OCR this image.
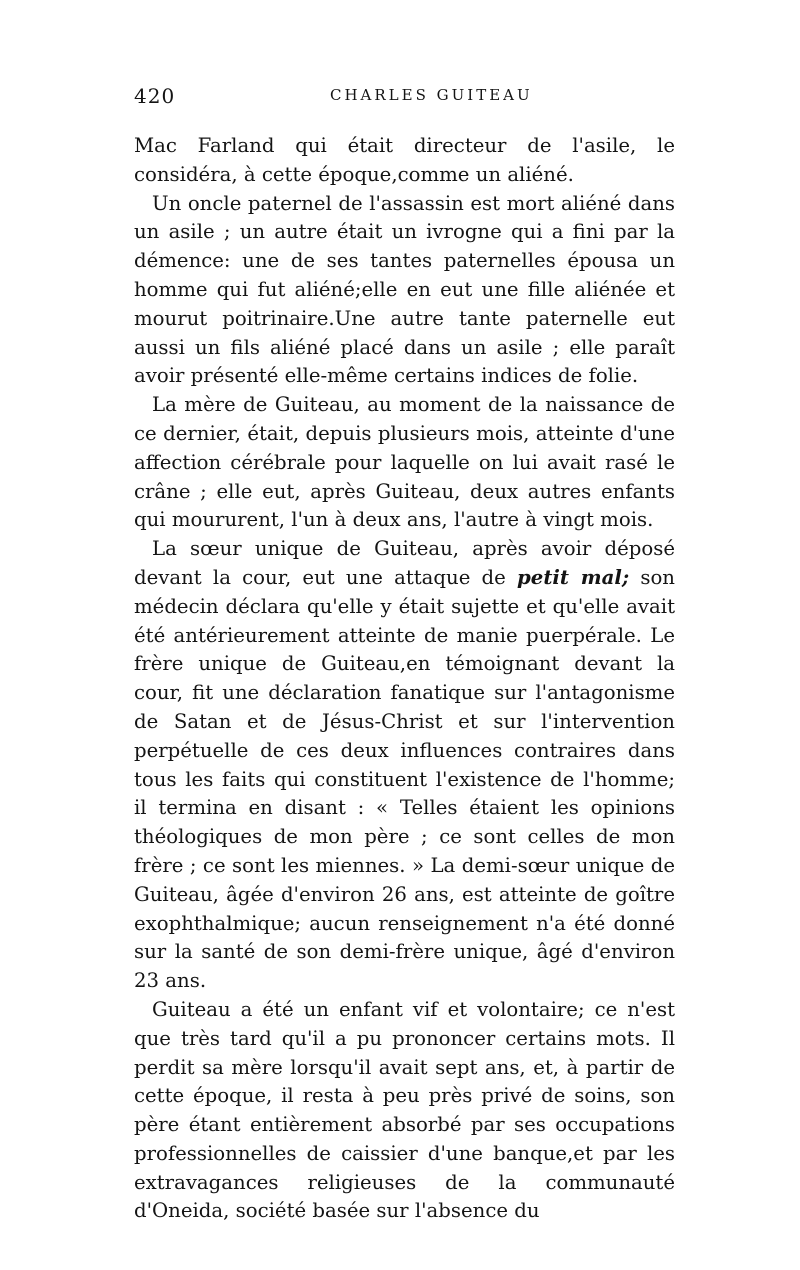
420	CHARLES GUITEAU

Mac Farland qui était directeur de l'asile, le considéra, à cette époque,comme un aliéné.

Un oncle paternel de l'assassin est mort aliéné dans un asile ; un autre était un ivrogne qui a fini par la démence: une de ses tantes paternelles épousa un homme qui fut aliéné;elle en eut une fille aliénée et mourut poitrinaire.Une autre tante paternelle eut aussi un fils aliéné placé dans un asile ; elle paraît avoir présenté elle-même certains indices de folie.

La mère de Guiteau, au moment de la naissance de ce dernier, était, depuis plusieurs mois, atteinte d'une affection cérébrale pour laquelle on lui avait rasé le crâne ; elle eut, après Guiteau, deux autres enfants qui moururent, l'un à deux ans, l'autre à vingt mois.

La sœur unique de Guiteau, après avoir déposé devant la cour, eut une attaque de petit mal; son médecin déclara qu'elle y était sujette et qu'elle avait été antérieurement atteinte de manie puerpérale. Le frère unique de Guiteau,en témoignant devant la cour, fit une déclaration fanatique sur l'antagonisme de Satan et de Jésus-Christ et sur l'intervention perpétuelle de ces deux influences contraires dans tous les faits qui constituent l'existence de l'homme; il termina en disant : « Telles étaient les opinions théologiques de mon père ; ce sont celles de mon frère ; ce sont les miennes. » La demi-sœur unique de Guiteau, âgée d'environ 26 ans, est atteinte de goître exophthalmique; aucun renseignement n'a été donné sur la santé de son demi-frère unique, âgé d'environ 23 ans.

Guiteau a été un enfant vif et volontaire; ce n'est que très tard qu'il a pu prononcer certains mots. Il perdit sa mère lorsqu'il avait sept ans, et, à partir de cette époque, il resta à peu près privé de soins, son père étant entièrement absorbé par ses occupations professionnelles de caissier d'une banque,et par les extravagances religieuses de la communauté d'Oneida, société basée sur l'absence du
